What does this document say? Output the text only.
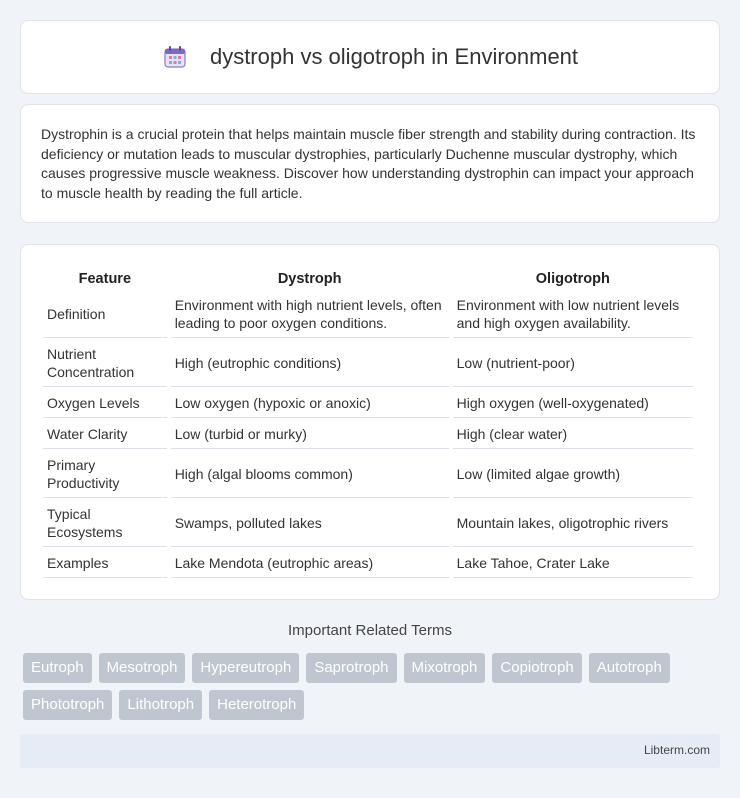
dystroph vs oligotroph in Environment

Dystrophin is a crucial protein that helps maintain muscle fiber strength and stability during contraction. Its deficiency or mutation leads to muscular dystrophies, particularly Duchenne muscular dystrophy, which causes progressive muscle weakness. Discover how understanding dystrophin can impact your approach to muscle health by reading the full article.

Feature	Dystroph	Oligotroph
Definition	Environment with high nutrient levels, often leading to poor oxygen conditions.	Environment with low nutrient levels and high oxygen availability.
Nutrient Concentration	High (eutrophic conditions)	Low (nutrient-poor)
Oxygen Levels	Low oxygen (hypoxic or anoxic)	High oxygen (well-oxygenated)
Water Clarity	Low (turbid or murky)	High (clear water)
Primary Productivity	High (algal blooms common)	Low (limited algae growth)
Typical Ecosystems	Swamps, polluted lakes	Mountain lakes, oligotrophic rivers
Examples	Lake Mendota (eutrophic areas)	Lake Tahoe, Crater Lake
Important Related Terms
Eutroph	Mesotroph	Hypereutroph	Saprotroph	Mixotroph	Copiotroph	Autotroph
Phototroph	Lithotroph	Heterotroph
Libterm.com
